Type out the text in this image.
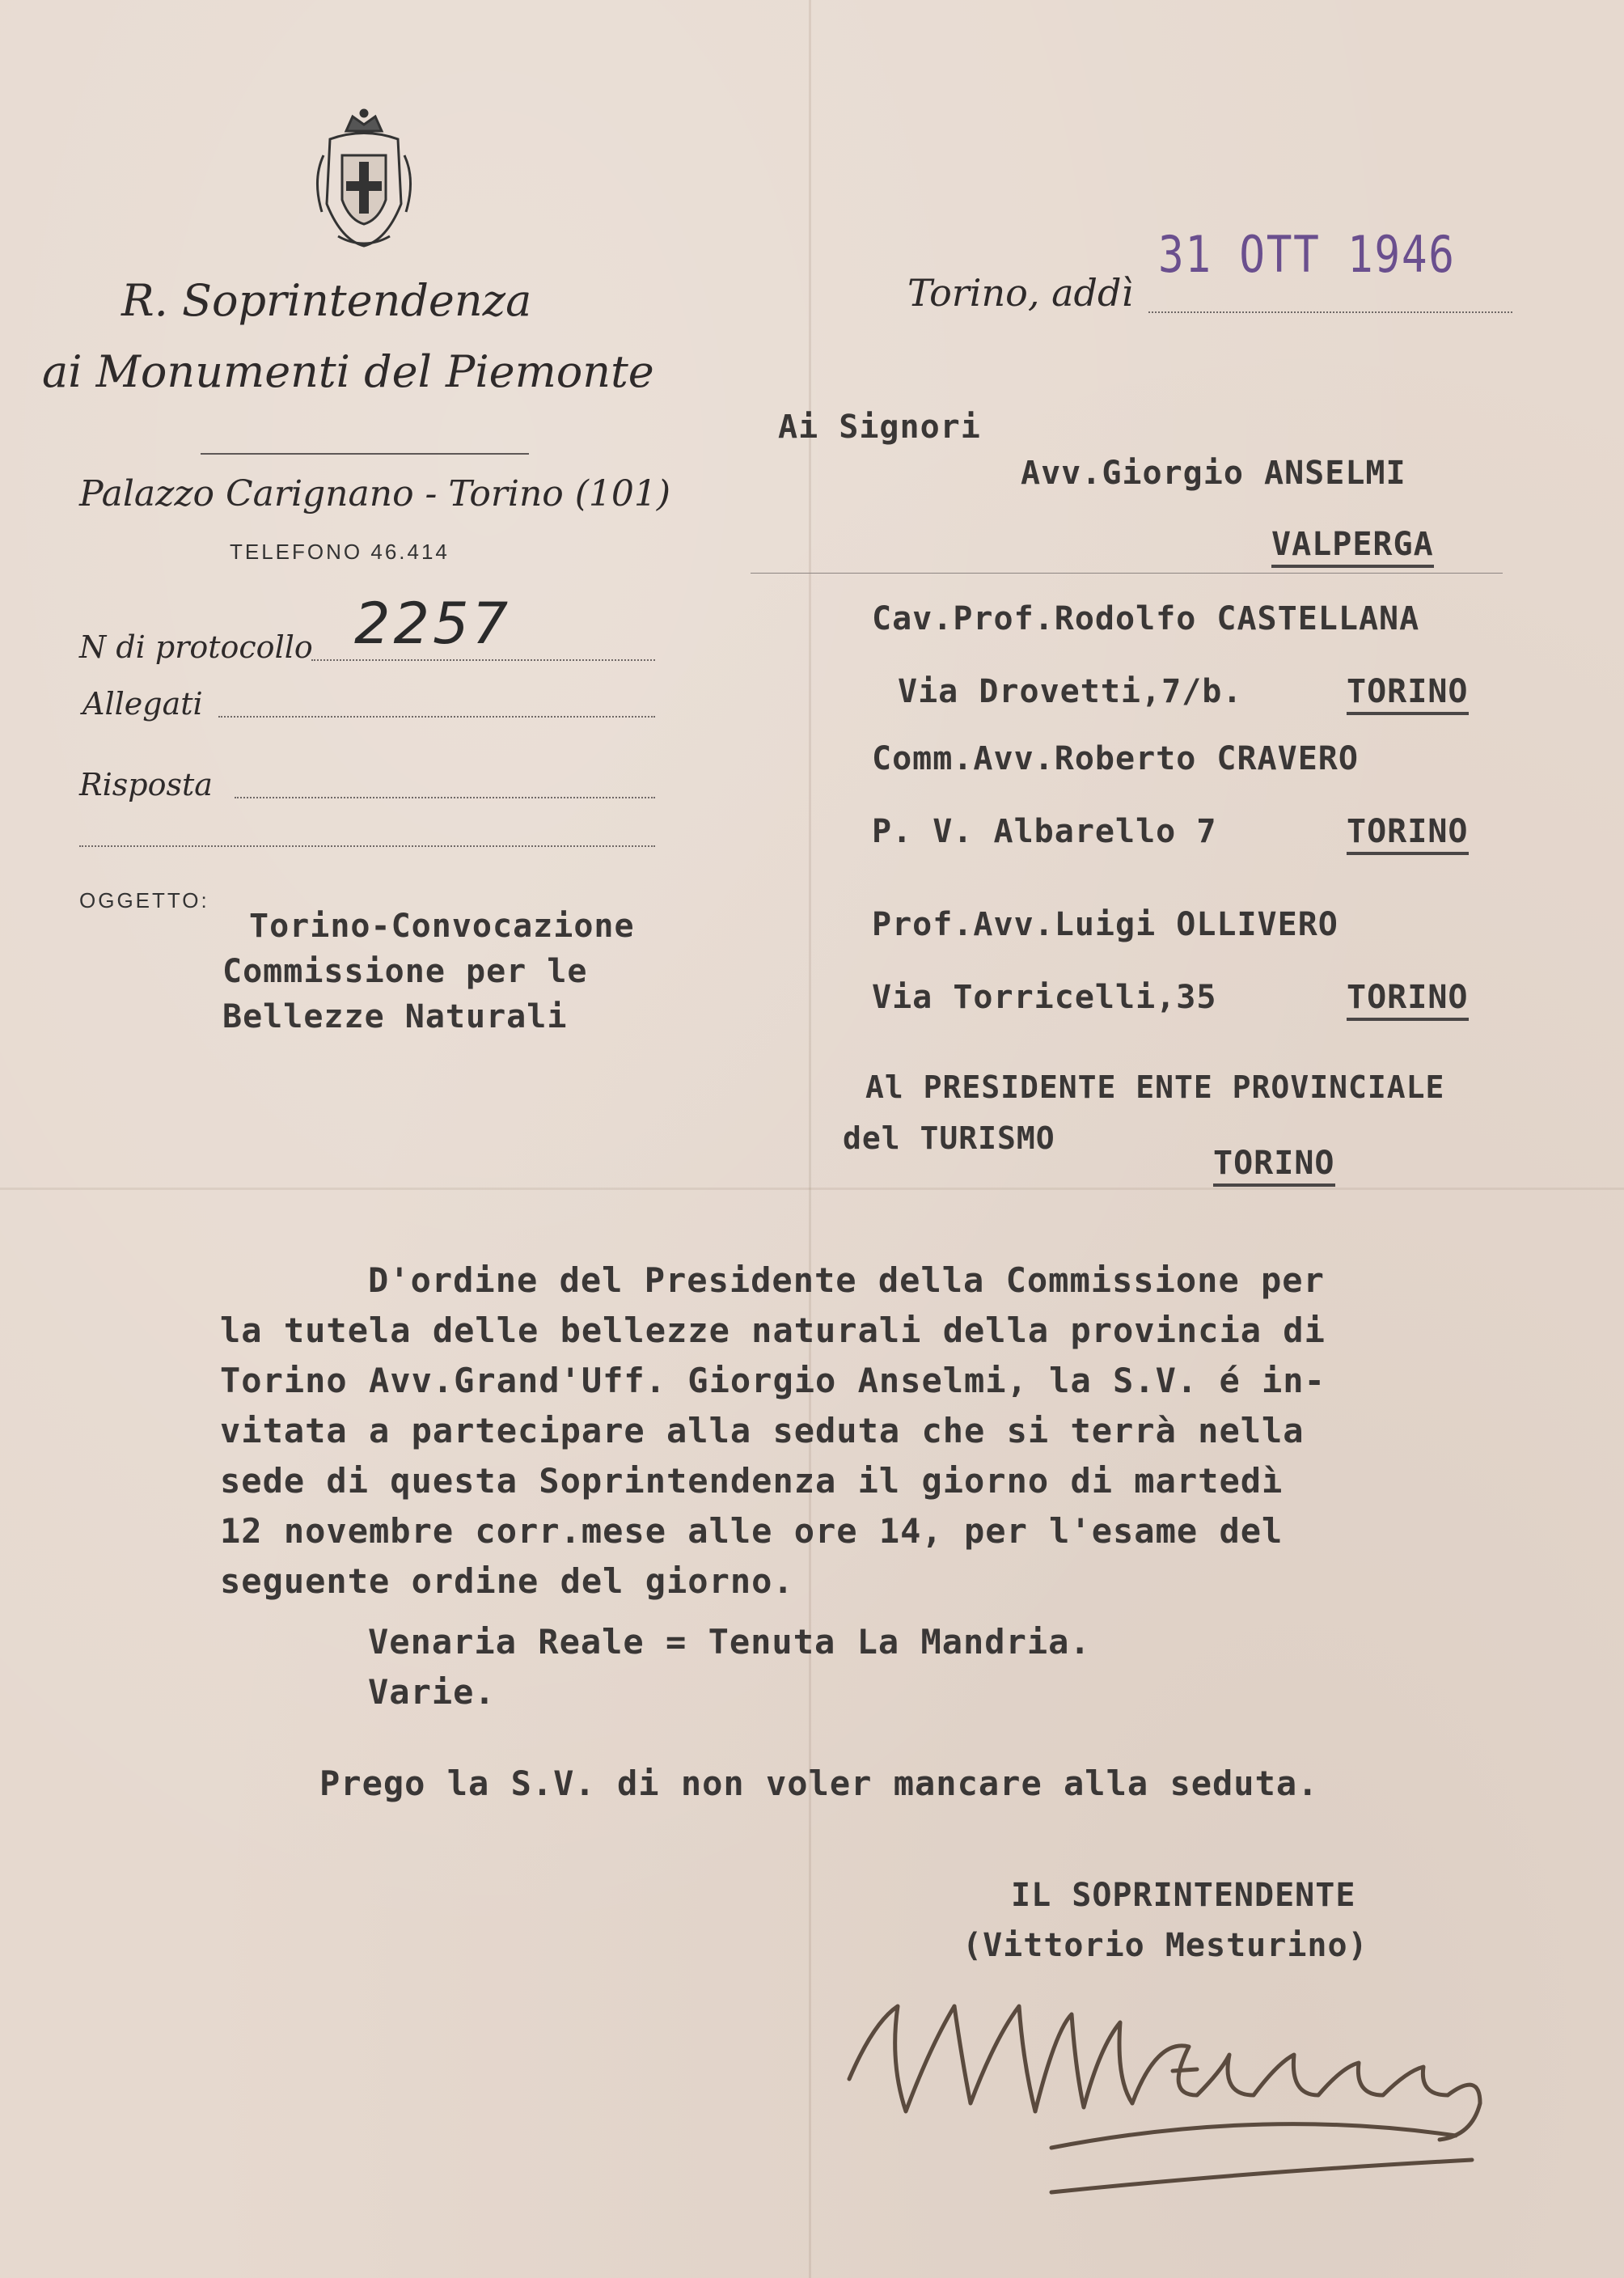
R. Soprintendenza
ai Monumenti del Piemonte
Palazzo Carignano - Torino (101)
TELEFONO 46.414
N di protocollo 2257
Allegati
Risposta
Torino, addì
31 OTT 1946
Ai Signori
Avv.Giorgio ANSELMI
VALPERGA
Cav.Prof.Rodolfo CASTELLANA
Via Drovetti,7/b.	TORINO
Comm.Avv.Roberto CRAVERO
P. V. Albarello 7	TORINO
Prof.Avv.Luigi OLLIVERO
Via Torricelli,35	TORINO
Al PRESIDENTE ENTE PROVINCIALE
del TURISMO
TORINO
OGGETTO:
Torino-Convocazione
Commissione per le
Bellezze Naturali
D'ordine del Presidente della Commissione per
la tutela delle bellezze naturali della provincia di
Torino Avv.Grand'Uff. Giorgio Anselmi, la S.V. é in-
vitata a partecipare alla seduta che si terrà nella
sede di questa Soprintendenza il giorno di martedì
12 novembre corr.mese alle ore 14, per l'esame del
seguente ordine del giorno.
Venaria Reale = Tenuta La Mandria.
Varie.
Prego la S.V. di non voler mancare alla seduta.
IL SOPRINTENDENTE
(Vittorio Mesturino)
